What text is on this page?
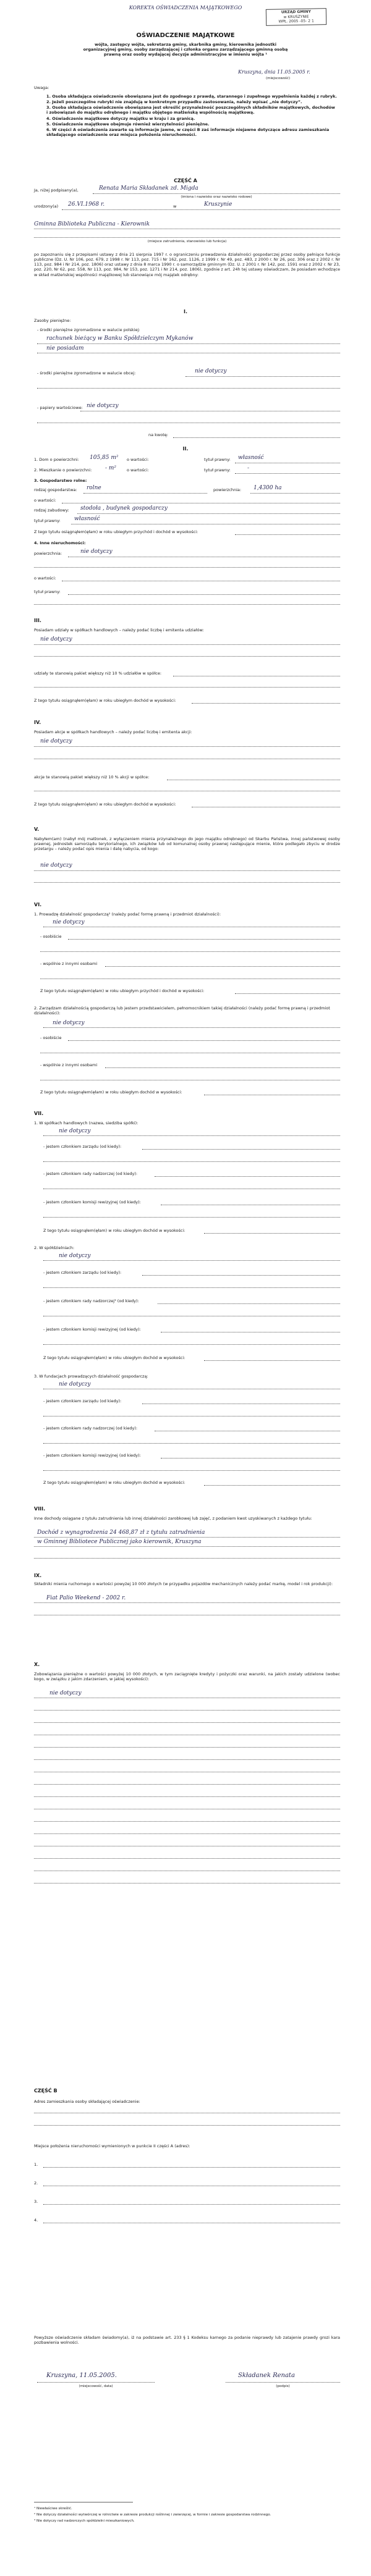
KOREKTA OŚWIADCZENIA MAJĄTKOWEGO
URZĄD GMINY
w KRUSZYNIE
WPŁ. 2005 -05- 2 1
OŚWIADCZENIE MAJĄTKOWE
wójta, zastępcy wójta, sekretarza gminy, skarbnika gminy, kierownika jednostki
organizacyjnej gminy, osoby zarządzającej i członka organu zarządzającego gminną osobą
prawną oraz osoby wydającej decyzje administracyjne w imieniu wójta ¹
Kruszyna, dnia 11.05.2005 r.
(miejscowość)
Uwaga:
1. Osoba składająca oświadczenie obowiązana jest do zgodnego z prawdą, starannego i zupełnego wypełnienia każdej z rubryk.
2. Jeżeli poszczególne rubryki nie znajdują w konkretnym przypadku zastosowania, należy wpisać „nie dotyczy”.
3. Osoba składająca oświadczenie obowiązana jest określić przynależność poszczególnych składników majątkowych, dochodów i zobowiązań do majątku odrębnego i majątku objętego małżeńską wspólnością majątkową.
4. Oświadczenie majątkowe dotyczy majątku w kraju i za granicą.
5. Oświadczenie majątkowe obejmuje również wierzytelności pieniężne.
6. W części A oświadczenia zawarte są informacje jawne, w części B zaś informacje niejawne dotyczące adresu zamieszkania składającego oświadczenie oraz miejsca położenia nieruchomości.
CZĘŚĆ A
Ja, niżej podpisany(a),	Renata Maria Składanek zd. Migda
(imiona i nazwisko oraz nazwisko rodowe)
urodzony(a) 26.VI.1968 r.	w	Kruszynie
Gminna Biblioteka Publiczna - Kierownik
(miejsce zatrudnienia, stanowisko lub funkcja)
po zapoznaniu się z przepisami ustawy z dnia 21 sierpnia 1997 r. o ograniczeniu prowadzenia działalności gospodarczej przez osoby pełniące funkcje publiczne (Dz. U. Nr 106, poz. 679, z 1998 r. Nr 113, poz. 715 i Nr 162, poz. 1126, z 1999 r. Nr 49, poz. 483, z 2000 r. Nr 26, poz. 306 oraz z 2002 r. Nr 113, poz. 984 i Nr 214, poz. 1806) oraz ustawy z dnia 8 marca 1990 r. o samorządzie gminnym (Dz. U. z 2001 r. Nr 142, poz. 1591 oraz z 2002 r. Nr 23, poz. 220, Nr 62, poz. 558, Nr 113, poz. 984, Nr 153, poz. 1271 i Nr 214, poz. 1806), zgodnie z art. 24h tej ustawy oświadczam, że posiadam wchodzące w skład małżeńskiej wspólności majątkowej lub stanowiące mój majątek odrębny:
I.
Zasoby pieniężne:
- środki pieniężne zgromadzone w walucie polskiej:
rachunek bieżący w Banku Spółdzielczym Mykanów
nie posiadam
- środki pieniężne zgromadzone w walucie obcej:	nie dotyczy
- papiery wartościowe: nie dotyczy
na kwotę:
II.
1. Dom o powierzchni: 105,85 m² o wartości:	tytuł prawny: własność
2. Mieszkanie o powierzchni: - m²	o wartości:	tytuł prawny:	-
3. Gospodarstwo rolne:
rodzaj gospodarstwa: rolne	powierzchnia: 1,4300 ha
o wartości:
rodzaj zabudowy: stodoła , budynek gospodarczy
tytuł prawny: własność
Z tego tytułu osiągnąłem(ęłam) w roku ubiegłym przychód i dochód w wysokości:
4. Inne nieruchomości:
powierzchnia:	nie dotyczy
o wartości:
tytuł prawny:
III.
Posiadam udziały w spółkach handlowych – należy podać liczbę i emitenta udziałów:
nie dotyczy
udziały te stanowią pakiet większy niż 10 % udziałów w spółce:
Z tego tytułu osiągnąłem(ęłam) w roku ubiegłym dochód w wysokości:
IV.
Posiadam akcje w spółkach handlowych – należy podać liczbę i emitenta akcji:
nie dotyczy
akcje te stanowią pakiet większy niż 10 % akcji w spółce:
Z tego tytułu osiągnąłem(ęłam) w roku ubiegłym dochód w wysokości:
V.
Nabyłem(am) (nabył mój małżonek, z wyłączeniem mienia przynależnego do jego majątku odrębnego) od Skarbu Państwa, innej państwowej osoby prawnej, jednostek samorządu terytorialnego, ich związków lub od komunalnej osoby prawnej następujące mienie, które podlegało zbyciu w drodze przetargu – należy podać opis mienia i datę nabycia, od kogo:
nie dotyczy
VI.
1. Prowadzę działalność gospodarczą² (należy podać formę prawną i przedmiot działalności):
nie dotyczy
- osobiście
- wspólnie z innymi osobami
Z tego tytułu osiągnąłem(ęłam) w roku ubiegłym przychód i dochód w wysokości:
2. Zarządzam działalnością gospodarczą lub jestem przedstawicielem, pełnomocnikiem takiej działalności (należy podać formę prawną i przedmiot działalności):
nie dotyczy
- osobiście
- wspólnie z innymi osobami
Z tego tytułu osiągnąłem(ęłam) w roku ubiegłym dochód w wysokości:
VII.
1. W spółkach handlowych (nazwa, siedziba spółki):
nie dotyczy
- jestem członkiem zarządu (od kiedy):
- jestem członkiem rady nadzorczej (od kiedy):
- jestem członkiem komisji rewizyjnej (od kiedy):
Z tego tytułu osiągnąłem(ęłam) w roku ubiegłym dochód w wysokości:
2. W spółdzielniach:
nie dotyczy
- jestem członkiem zarządu (od kiedy):
- jestem członkiem rady nadzorczej³ (od kiedy):
- jestem członkiem komisji rewizyjnej (od kiedy):
Z tego tytułu osiągnąłem(ęłam) w roku ubiegłym dochód w wysokości:
3. W fundacjach prowadzących działalność gospodarczą:
nie dotyczy
- jestem członkiem zarządu (od kiedy):
- jestem członkiem rady nadzorczej (od kiedy):
- jestem członkiem komisji rewizyjnej (od kiedy):
Z tego tytułu osiągnąłem(ęłam) w roku ubiegłym dochód w wysokości:
VIII.
Inne dochody osiągane z tytułu zatrudnienia lub innej działalności zarobkowej lub zajęć, z podaniem kwot uzyskiwanych z każdego tytułu:
Dochód z wynagrodzenia 24 468,87 zł z tytułu zatrudnienia
w Gminnej Bibliotece Publicznej jako kierownik, Kruszyna
IX.
Składniki mienia ruchomego o wartości powyżej 10 000 złotych (w przypadku pojazdów mechanicznych należy podać markę, model i rok produkcji):
Fiat Palio Weekend - 2002 r.
X.
Zobowiązania pieniężne o wartości powyżej 10 000 złotych, w tym zaciągnięte kredyty i pożyczki oraz warunki, na jakich zostały udzielone (wobec kogo, w związku z jakim zdarzeniem, w jakiej wysokości):
nie dotyczy
CZĘŚĆ B
Adres zamieszkania osoby składającej oświadczenie:
Miejsce położenia nieruchomości wymienionych w punkcie II części A (adres):
1.
2.
3.
4.
Powyższe oświadczenie składam świadomy(a), iż na podstawie art. 233 § 1 Kodeksu karnego za podanie nieprawdy lub zatajenie prawdy grozi kara pozbawienia wolności.
Kruszyna, 11.05.2005.
(miejscowość, data)
Składanek Renata
(podpis)
¹ Niewłaściwe skreślić.
² Nie dotyczy działalności wytwórczej w rolnictwie w zakresie produkcji roślinnej i zwierzęcej, w formie i zakresie gospodarstwa rodzinnego.
³ Nie dotyczy rad nadzorczych spółdzielni mieszkaniowych.
